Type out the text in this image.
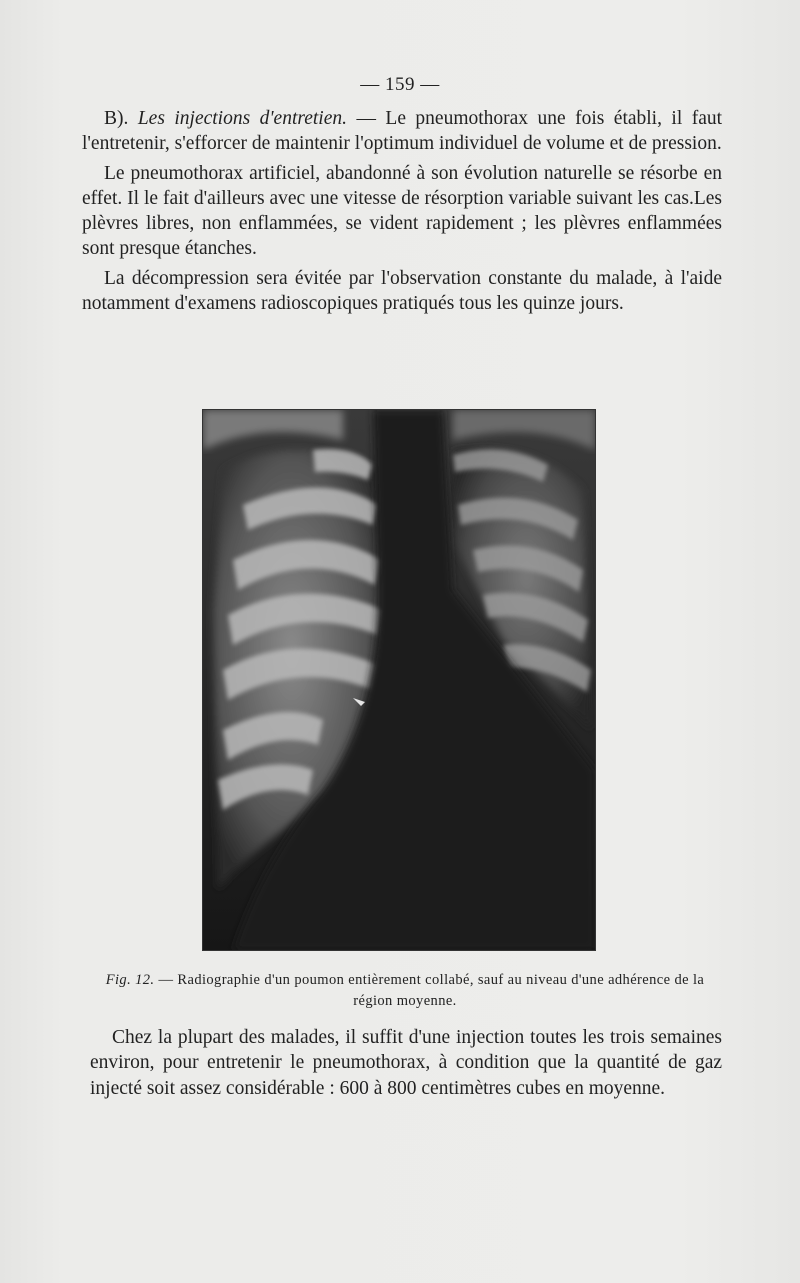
— 159 —

B). Les injections d'entretien. — Le pneumothorax une fois établi, il faut l'entretenir, s'efforcer de maintenir l'optimum individuel de volume et de pression.

Le pneumothorax artificiel, abandonné à son évolution naturelle se résorbe en effet. Il le fait d'ailleurs avec une vitesse de résorption variable suivant les cas.Les plèvres libres, non enflammées, se vident rapidement ; les plèvres enflammées sont presque étanches.

La décompression sera évitée par l'observation constante du malade, à l'aide notamment d'examens radioscopiques pratiqués tous les quinze jours.

Fig. 12. — Radiographie d'un poumon entièrement collabé, sauf au niveau d'une adhérence de la région moyenne.

Chez la plupart des malades, il suffit d'une injection toutes les trois semaines environ, pour entretenir le pneumothorax, à condition que la quantité de gaz injecté soit assez considérable : 600 à 800 centimètres cubes en moyenne.
